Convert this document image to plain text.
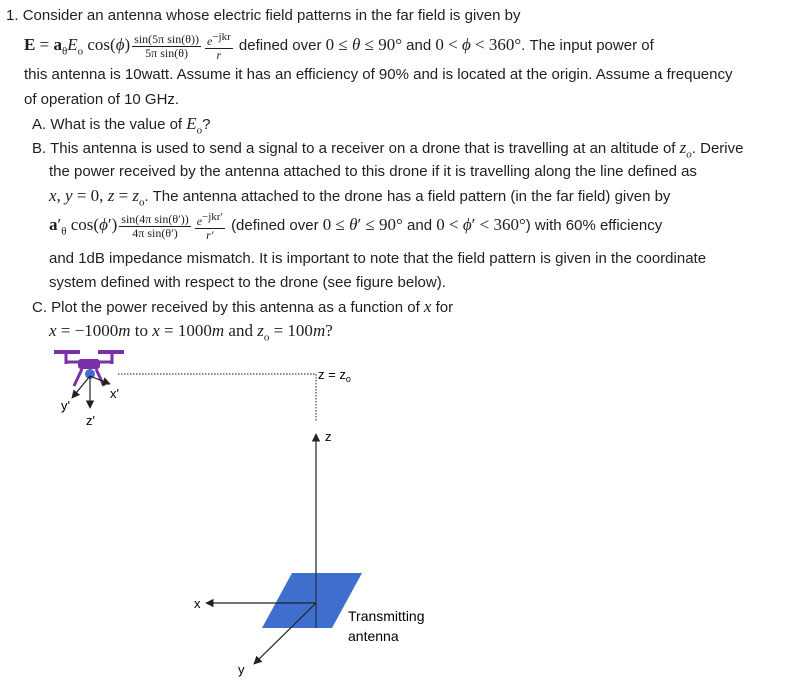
1. Consider an antenna whose electric field patterns in the far field is given by
$E = a_\theta E_o$ $\cos(\phi) \frac{\text{sin(5π sin(θ))}}{\text{5π sin(θ)}} \frac{e^{-jkr}}{r}$ defined over 0 ≤ θ ≤ 90° and 0 < ϕ < 360°. The input power of
this antenna is 10watt. Assume it has an efficiency of 90% and is located at the origin. Assume a frequency
of operation of 10 GHz.
A. What is the value of $E_o$?
B. This antenna is used to send a signal to a receiver on a drone that is travelling at an altitude of $z_o$. Derive
the power received by the antenna attached to this drone if it is travelling along the line defined as
x, y = 0, $z = z_o$. The antenna attached to the drone has a field pattern (in the far field) given by
$a'_\theta$ $\cos(\phi') \frac{\text{sin(4π sin(θ′))}}{\text{4π sin(θ′)}} \frac{e^{-jkr'}}{r'}$ (defined over 0 ≤ θ′ ≤ 90° and 0 < ϕ′ < 360°) with 60% efficiency
and 1dB impedance mismatch. It is important to note that the field pattern is given in the coordinate
system defined with respect to the drone (see figure below).
C. Plot the power received by this antenna as a function of x for
x = −1000m to x = 1000m and $z_o = 100m$?
x'
y'
z'
$z = z_o$
z
x
y
Transmitting
antenna
